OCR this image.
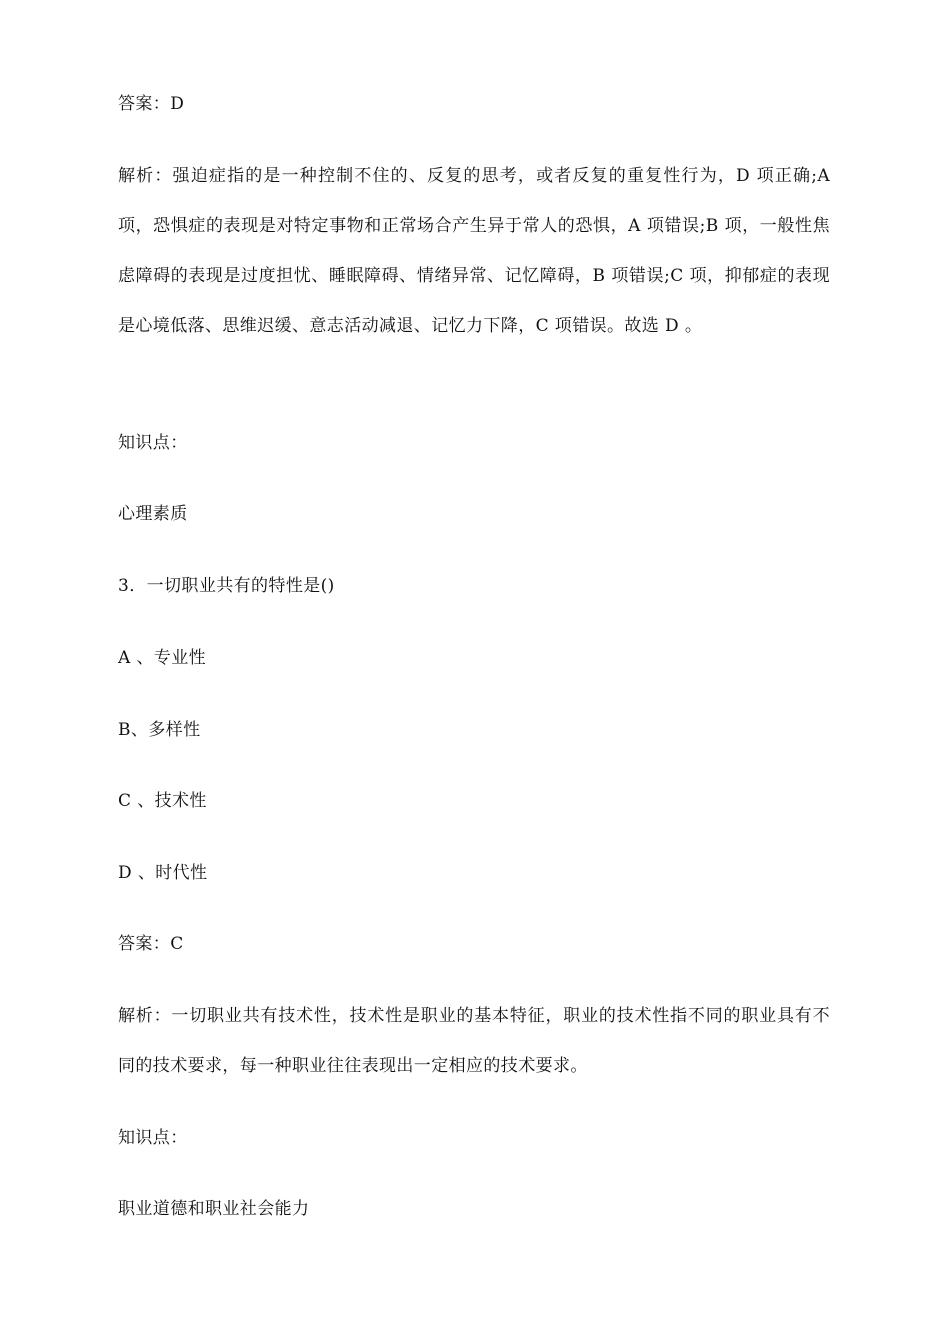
答案：D
解析：强迫症指的是一种控制不住的、反复的思考，或者反复的重复性行为，D 项正确;A 项，恐惧症的表现是对特定事物和正常场合产生异于常人的恐惧，A 项错误;B 项，一般性焦虑障碍的表现是过度担忧、睡眠障碍、情绪异常、记忆障碍，B 项错误;C 项，抑郁症的表现是心境低落、思维迟缓、意志活动减退、记忆力下降，C 项错误。故选 D 。
知识点：
心理素质
3．一切职业共有的特性是()
A 、专业性
B、多样性
C 、技术性
D 、时代性
答案：C
解析：一切职业共有技术性，技术性是职业的基本特征，职业的技术性指不同的职业具有不同的技术要求，每一种职业往往表现出一定相应的技术要求。
知识点：
职业道德和职业社会能力
